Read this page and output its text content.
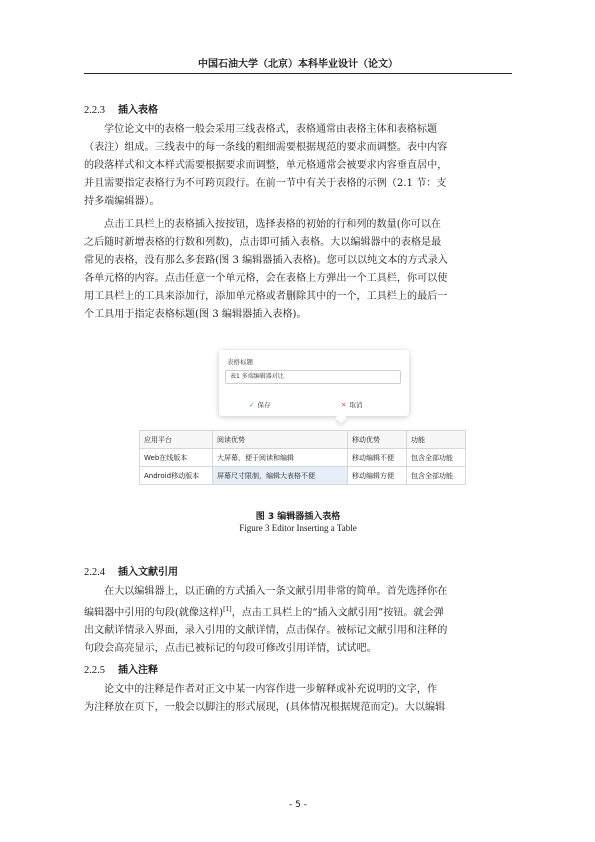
中国石油大学（北京）本科毕业设计（论文）
2.2.3 插入表格
学位论文中的表格一般会采用三线表格式，表格通常由表格主体和表格标题
（表注）组成。三线表中的每一条线的粗细需要根据规范的要求而调整。表中内容
的段落样式和文本样式需要根据要求而调整，单元格通常会被要求内容垂直居中，
并且需要指定表格行为不可跨页段行。在前一节中有关于表格的示例（2.1 节：支
持多端编辑器）。
点击工具栏上的表格插入按按钮，选择表格的初始的行和列的数量(你可以在
之后随时新增表格的行数和列数)，点击即可插入表格。大以编辑器中的表格是最
常见的表格，没有那么多套路(图 3 编辑器插入表格)。您可以以纯文本的方式录入
各单元格的内容。点击任意一个单元格，会在表格上方弹出一个工具栏，你可以使
用工具栏上的工具来添加行，添加单元格或者删除其中的一个，工具栏上的最后一
个工具用于指定表格标题(图 3 编辑器插入表格)。
表格标题
表1 多端编辑器对比
✓ 保存	✕ 取消
应用平台	阅读优势	移动优势	功能
Web在线版本	大屏幕，便于阅读和编辑	移动编辑不便	包含全部功能
Android移动版本	屏幕尺寸限制，编辑大表格不便	移动编辑方便	包含全部功能
图 3 编辑器插入表格
Figure 3 Editor Inserting a Table
2.2.4 插入文献引用
在大以编辑器上，以正确的方式插入一条文献引用非常的简单。首先选择你在
编辑器中引用的句段(就像这样)[1]，点击工具栏上的“插入文献引用”按钮。就会弹
出文献详情录入界面，录入引用的文献详情，点击保存。被标记文献引用和注释的
句段会高亮显示，点击已被标记的句段可修改引用详情，试试吧。
2.2.5 插入注释
论文中的注释是作者对正文中某一内容作进一步解释或补充说明的文字，作
为注释放在页下，一般会以脚注的形式展现，(具体情况根据规范而定)。大以编辑
- 5 -
